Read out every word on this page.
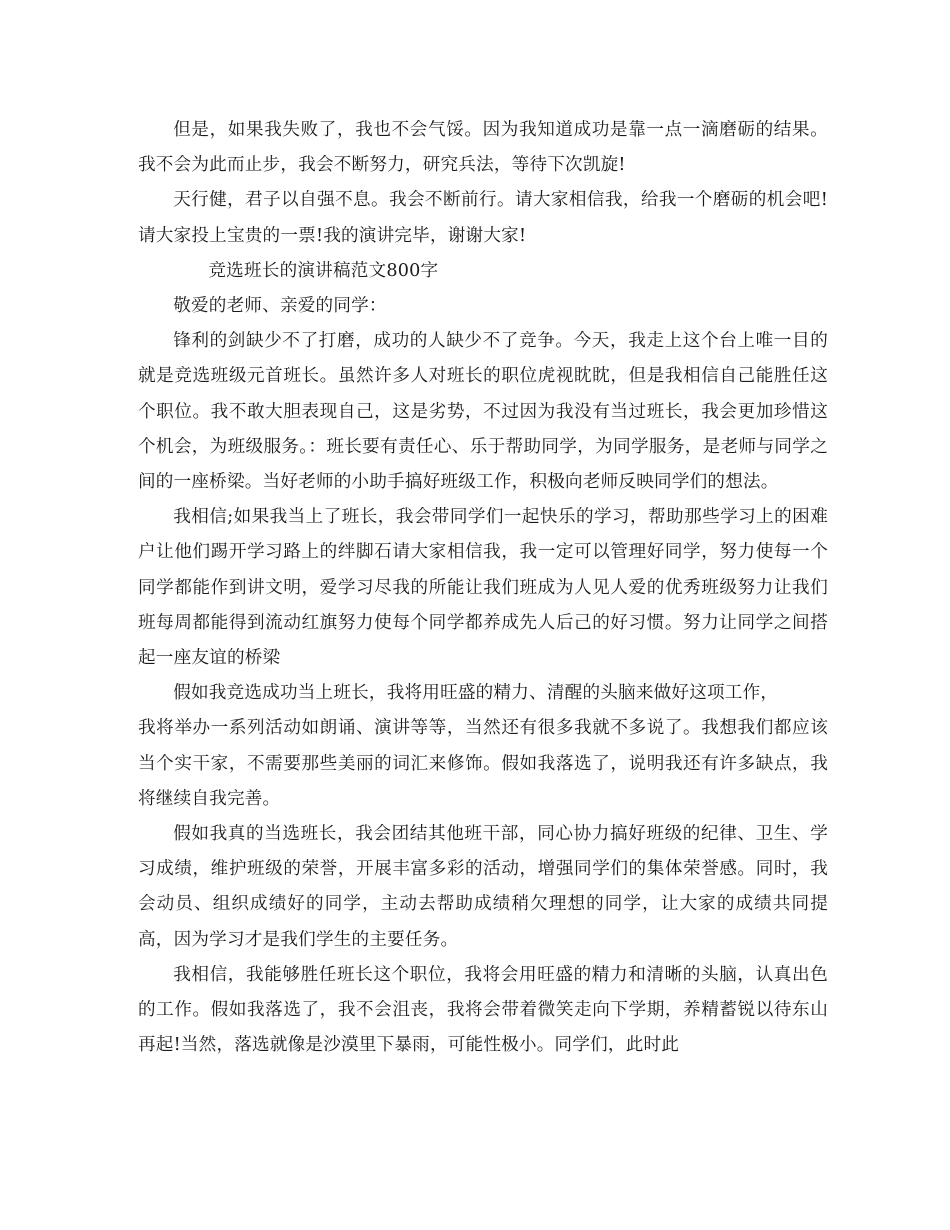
但是，如果我失败了，我也不会气馁。因为我知道成功是靠一点一滴磨砺的结果。我不会为此而止步，我会不断努力，研究兵法，等待下次凯旋!

天行健，君子以自强不息。我会不断前行。请大家相信我，给我一个磨砺的机会吧!请大家投上宝贵的一票!我的演讲完毕，谢谢大家!

竞选班长的演讲稿范文800字

敬爱的老师、亲爱的同学：

锋利的剑缺少不了打磨，成功的人缺少不了竞争。今天，我走上这个台上唯一目的就是竞选班级元首班长。虽然许多人对班长的职位虎视眈眈，但是我相信自己能胜任这个职位。我不敢大胆表现自己，这是劣势，不过因为我没有当过班长，我会更加珍惜这个机会，为班级服务。：班长要有责任心、乐于帮助同学，为同学服务，是老师与同学之间的一座桥梁。当好老师的小助手搞好班级工作，积极向老师反映同学们的想法。

我相信;如果我当上了班长，我会带同学们一起快乐的学习，帮助那些学习上的困难户让他们踢开学习路上的绊脚石请大家相信我，我一定可以管理好同学，努力使每一个同学都能作到讲文明，爱学习尽我的所能让我们班成为人见人爱的优秀班级努力让我们班每周都能得到流动红旗努力使每个同学都养成先人后己的好习惯。努力让同学之间搭起一座友谊的桥梁

假如我竞选成功当上班长，我将用旺盛的精力、清醒的头脑来做好这项工作，

我将举办一系列活动如朗诵、演讲等等，当然还有很多我就不多说了。我想我们都应该当个实干家，不需要那些美丽的词汇来修饰。假如我落选了，说明我还有许多缺点，我将继续自我完善。

假如我真的当选班长，我会团结其他班干部，同心协力搞好班级的纪律、卫生、学习成绩，维护班级的荣誉，开展丰富多彩的活动，增强同学们的集体荣誉感。同时，我会动员、组织成绩好的同学，主动去帮助成绩稍欠理想的同学，让大家的成绩共同提高，因为学习才是我们学生的主要任务。

我相信，我能够胜任班长这个职位，我将会用旺盛的精力和清晰的头脑，认真出色的工作。假如我落选了，我不会沮丧，我将会带着微笑走向下学期，养精蓄锐以待东山再起!当然，落选就像是沙漠里下暴雨，可能性极小。同学们，此时此
